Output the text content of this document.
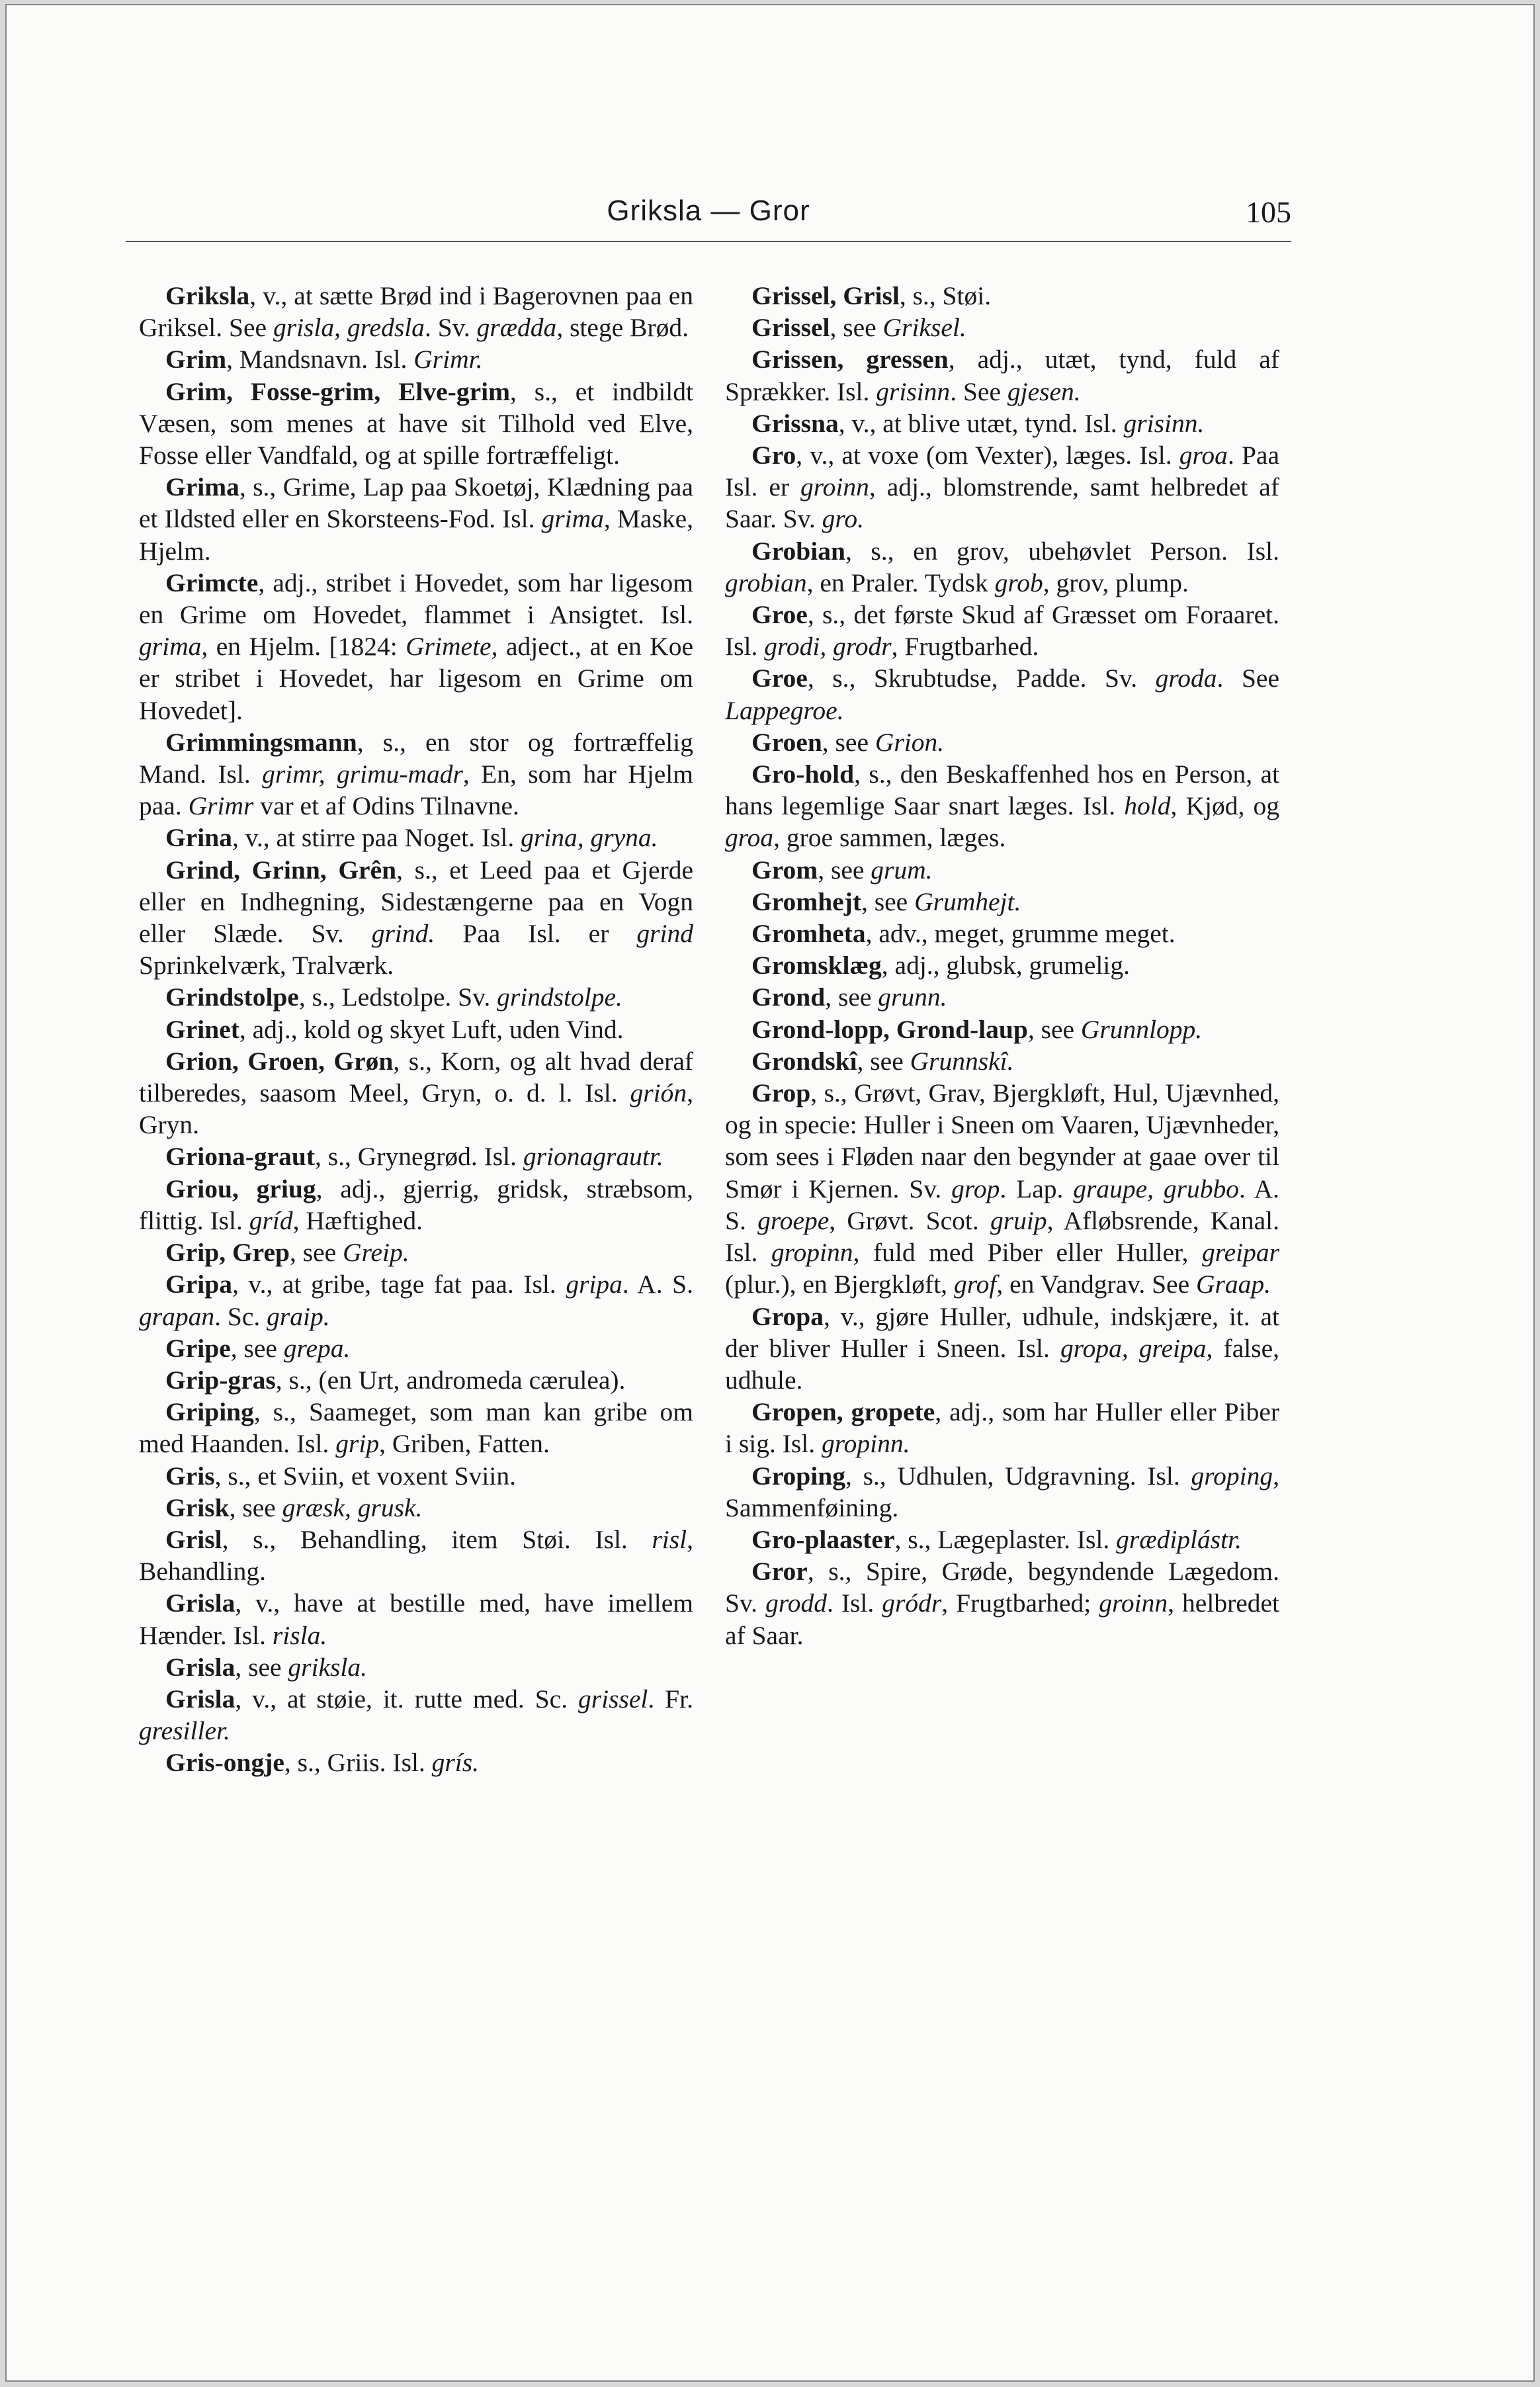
Griksla — Gror	105

Griksla, v., at sætte Brød ind i Bagerovnen paa en Griksel. See grisla, gredsla. Sv. grædda, stege Brød.

Grim, Mandsnavn. Isl. Grimr.

Grim, Fosse-grim, Elve-grim, s., et indbildt Væsen, som menes at have sit Tilhold ved Elve, Fosse eller Vandfald, og at spille fortræffeligt.

Grima, s., Grime, Lap paa Skoetøj, Klædning paa et Ildsted eller en Skorsteens-Fod. Isl. grima, Maske, Hjelm.

Grimcte, adj., stribet i Hovedet, som har ligesom en Grime om Hovedet, flammet i Ansigtet. Isl. grima, en Hjelm. [1824: Grimete, adject., at en Koe er stribet i Hovedet, har ligesom en Grime om Hovedet].

Grimmingsmann, s., en stor og fortræffelig Mand. Isl. grimr, grimu-madr, En, som har Hjelm paa. Grimr var et af Odins Tilnavne.

Grina, v., at stirre paa Noget. Isl. grina, gryna.

Grind, Grinn, Grên, s., et Leed paa et Gjerde eller en Indhegning, Sidestængerne paa en Vogn eller Slæde. Sv. grind. Paa Isl. er grind Sprinkelværk, Tralværk.

Grindstolpe, s., Ledstolpe. Sv. grindstolpe.

Grinet, adj., kold og skyet Luft, uden Vind.

Grion, Groen, Grøn, s., Korn, og alt hvad deraf tilberedes, saasom Meel, Gryn, o. d. l. Isl. grión, Gryn.

Griona-graut, s., Grynegrød. Isl. grionagrautr.

Griou, griug, adj., gjerrig, gridsk, stræbsom, flittig. Isl. gríd, Hæftighed.

Grip, Grep, see Greip.

Gripa, v., at gribe, tage fat paa. Isl. gripa. A. S. grapan. Sc. graip.

Gripe, see grepa.

Grip-gras, s., (en Urt, andromeda cærulea).

Griping, s., Saameget, som man kan gribe om med Haanden. Isl. grip, Griben, Fatten.

Gris, s., et Sviin, et voxent Sviin.

Grisk, see græsk, grusk.

Grisl, s., Behandling, item Støi. Isl. risl, Behandling.

Grisla, v., have at bestille med, have imellem Hænder. Isl. risla.

Grisla, see griksla.

Grisla, v., at støie, it. rutte med. Sc. grissel. Fr. gresiller.

Gris-ongje, s., Griis. Isl. grís.

Grissel, Grisl, s., Støi.

Grissel, see Griksel.

Grissen, gressen, adj., utæt, tynd, fuld af Sprækker. Isl. grisinn. See gjesen.

Grissna, v., at blive utæt, tynd. Isl. grisinn.

Gro, v., at voxe (om Vexter), læges. Isl. groa. Paa Isl. er groinn, adj., blomstrende, samt helbredet af Saar. Sv. gro.

Grobian, s., en grov, ubehøvlet Person. Isl. grobian, en Praler. Tydsk grob, grov, plump.

Groe, s., det første Skud af Græsset om Foraaret. Isl. grodi, grodr, Frugtbarhed.

Groe, s., Skrubtudse, Padde. Sv. groda. See Lappegroe.

Groen, see Grion.

Gro-hold, s., den Beskaffenhed hos en Person, at hans legemlige Saar snart læges. Isl. hold, Kjød, og groa, groe sammen, læges.

Grom, see grum.

Gromhejt, see Grumhejt.

Gromheta, adv., meget, grumme meget.

Gromsklæg, adj., glubsk, grumelig.

Grond, see grunn.

Grond-lopp, Grond-laup, see Grunnlopp.

Grondskî, see Grunnskî.

Grop, s., Grøvt, Grav, Bjergkløft, Hul, Ujævnhed, og in specie: Huller i Sneen om Vaaren, Ujævnheder, som sees i Fløden naar den begynder at gaae over til Smør i Kjernen. Sv. grop. Lap. graupe, grubbo. A. S. groepe, Grøvt. Scot. gruip, Afløbsrende, Kanal. Isl. gropinn, fuld med Piber eller Huller, greipar (plur.), en Bjergkløft, grof, en Vandgrav. See Graap.

Gropa, v., gjøre Huller, udhule, indskjære, it. at der bliver Huller i Sneen. Isl. gropa, greipa, false, udhule.

Gropen, gropete, adj., som har Huller eller Piber i sig. Isl. gropinn.

Groping, s., Udhulen, Udgravning. Isl. groping, Sammenføining.

Gro-plaaster, s., Lægeplaster. Isl. grædiplástr.

Gror, s., Spire, Grøde, begyndende Lægedom. Sv. grodd. Isl. gródr, Frugtbarhed; groinn, helbredet af Saar.
